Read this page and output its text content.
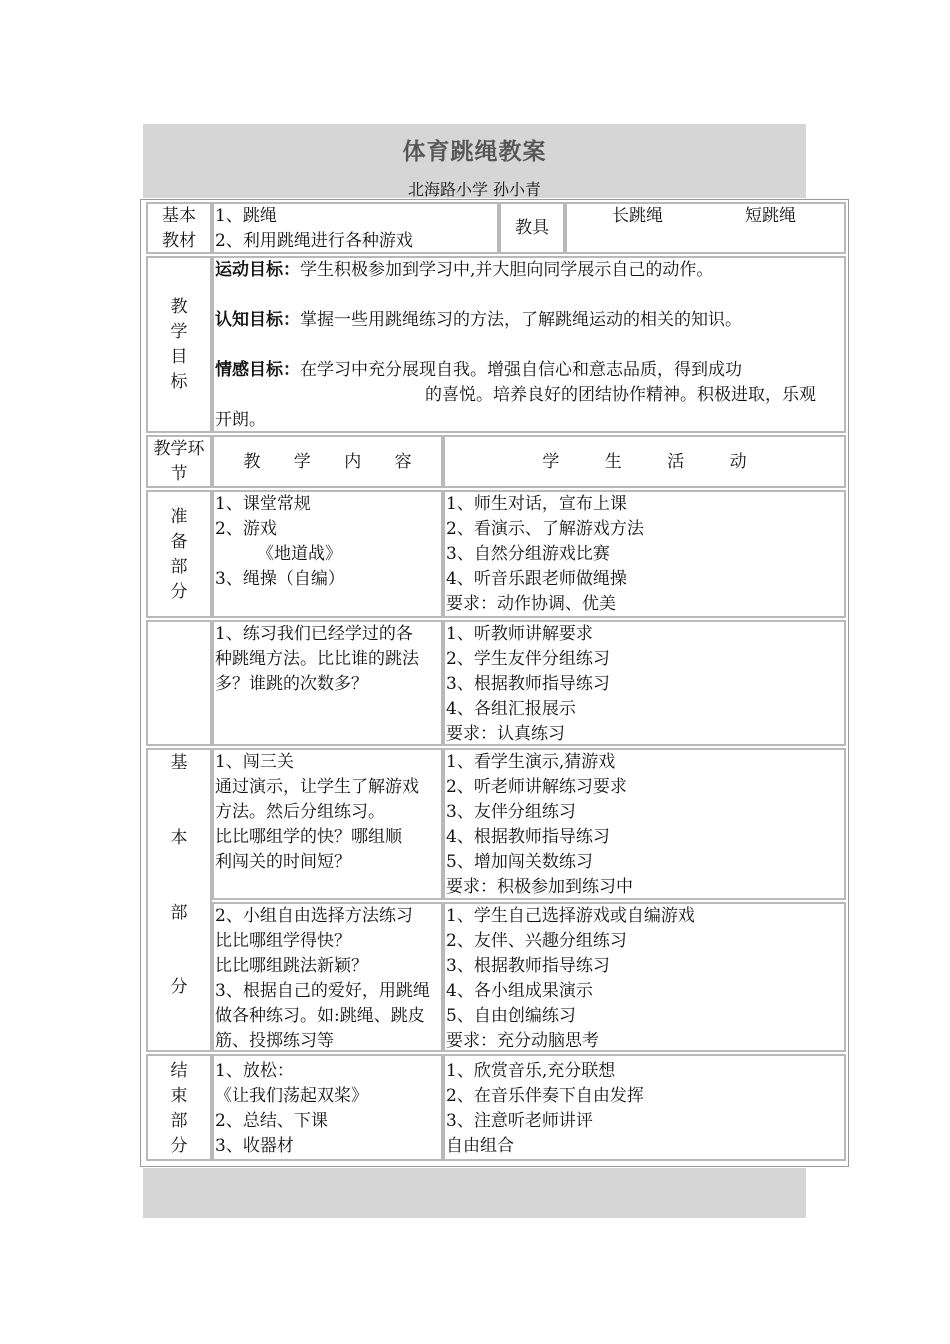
体育跳绳教案
北海路小学 孙小青
基本
教材
1、跳绳
2、利用跳绳进行各种游戏
教具
长跳绳	短跳绳
教
学
目
标
运动目标：学生积极参加到学习中,并大胆向同学展示自己的动作。
认知目标：掌握一些用跳绳练习的方法，了解跳绳运动的相关的知识。
情感目标：在学习中充分展现自我。增强自信心和意志品质，得到成功
的喜悦。培养良好的团结协作精神。积极进取，乐观
开朗。
教学环
节
教 学 内 容	学 生 活 动
准
备
部
分
1、课堂常规
2、游戏
《地道战》
3、绳操（自编）
1、师生对话，宣布上课
2、看演示、了解游戏方法
3、自然分组游戏比赛
4、听音乐跟老师做绳操
要求：动作协调、优美
1、练习我们已经学过的各
种跳绳方法。比比谁的跳法
多？谁跳的次数多？
1、听教师讲解要求
2、学生友伴分组练习
3、根据教师指导练习
4、各组汇报展示
要求：认真练习
基
本
部
分
1、闯三关
通过演示，让学生了解游戏
方法。然后分组练习。
比比哪组学的快？哪组顺
利闯关的时间短？
1、看学生演示,猜游戏
2、听老师讲解练习要求
3、友伴分组练习
4、根据教师指导练习
5、增加闯关数练习
要求：积极参加到练习中
2、小组自由选择方法练习
比比哪组学得快？
比比哪组跳法新颖？
3、根据自己的爱好，用跳绳
做各种练习。如:跳绳、跳皮
筋、投掷练习等
1、学生自己选择游戏或自编游戏
2、友伴、兴趣分组练习
3、根据教师指导练习
4、各小组成果演示
5、自由创编练习
要求：充分动脑思考
结
束
部
分
1、放松：
《让我们荡起双桨》
2、总结、下课
3、收器材
1、欣赏音乐,充分联想
2、在音乐伴奏下自由发挥
3、注意听老师讲评
自由组合
